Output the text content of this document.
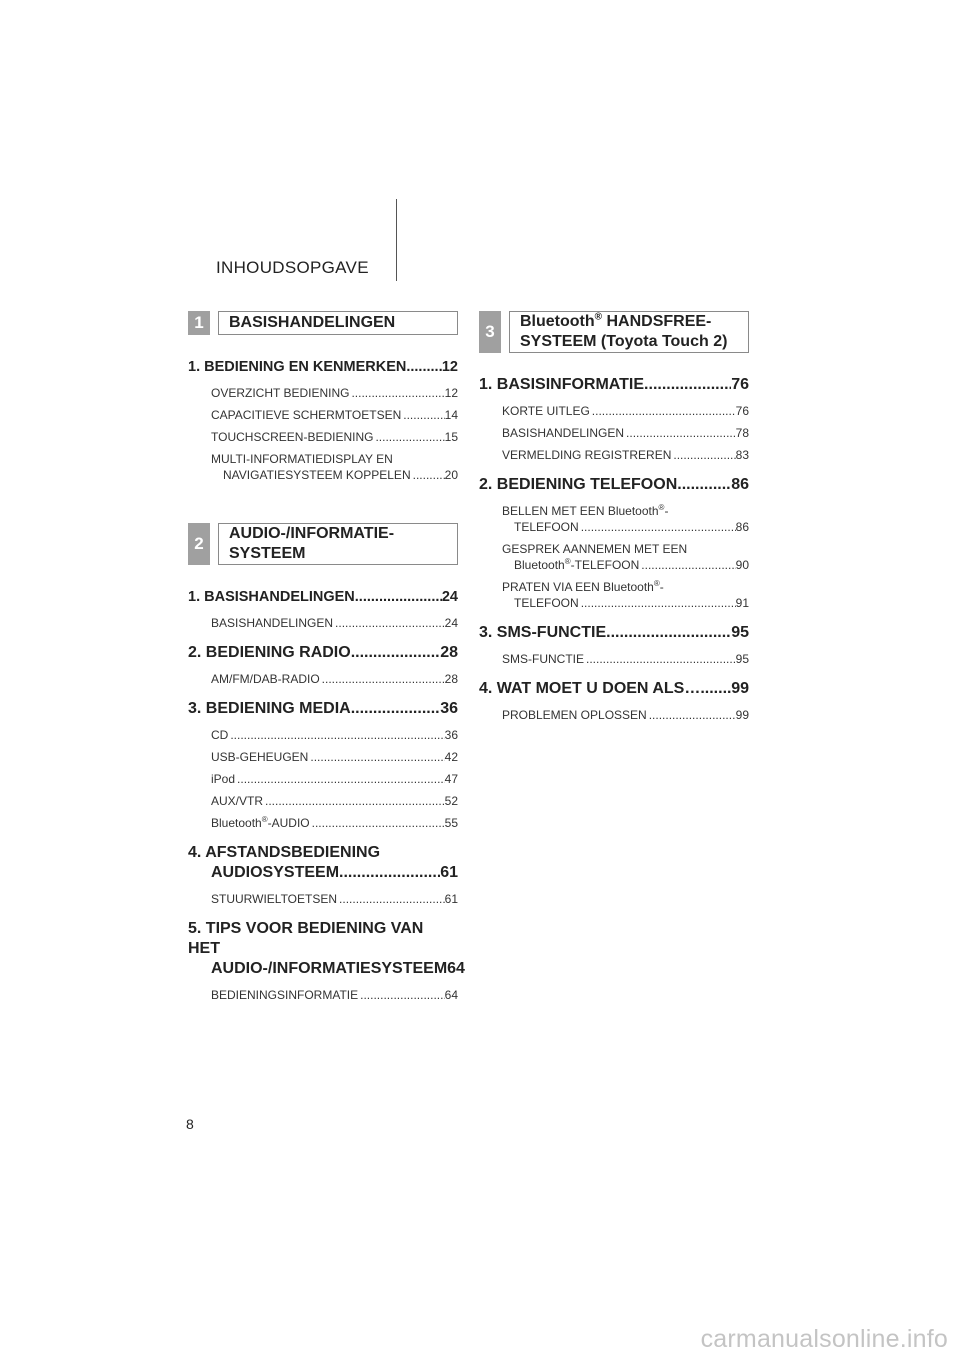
INHOUDSOPGAVE
1	BASISHANDELINGEN
1. BEDIENING EN KENMERKEN ..... 12
OVERZICHT BEDIENING .....	12
CAPACITIEVE SCHERMTOETSEN .....	14
TOUCHSCREEN-BEDIENING .....	15
MULTI-INFORMATIEDISPLAY EN
NAVIGATIESYSTEEM KOPPELEN .....	20
2
AUDIO-/INFORMATIE-
SYSTEEM
1. BASISHANDELINGEN .....	24
BASISHANDELINGEN .....	24
2. BEDIENING RADIO .....	28
AM/FM/DAB-RADIO .....	28
3. BEDIENING MEDIA .....	36
CD .....	36
USB-GEHEUGEN .....	42
iPod .....	47
AUX/VTR .....	52
Bluetooth®-AUDIO .....	55
4. AFSTANDSBEDIENING
AUDIOSYSTEEM .....	61
STUURWIELTOETSEN .....	61
5. TIPS VOOR BEDIENING VAN HET
AUDIO-/INFORMATIESYSTEEM 64
BEDIENINGSINFORMATIE .....	64
3
Bluetooth® HANDSFREE-
SYSTEEM (Toyota Touch 2)
1. BASISINFORMATIE .....	76
KORTE UITLEG .....	76
BASISHANDELINGEN .....	78
VERMELDING REGISTREREN .....	83
2. BEDIENING TELEFOON .....	86
BELLEN MET EEN Bluetooth®-
TELEFOON .....	86
GESPREK AANNEMEN MET EEN
Bluetooth®-TELEFOON .....	90
PRATEN VIA EEN Bluetooth®-
TELEFOON .....	91
3. SMS-FUNCTIE .....	95
SMS-FUNCTIE .....	95
4. WAT MOET U DOEN ALS… ..... 99
PROBLEMEN OPLOSSEN .....	99
8
carmanualsonline.info
